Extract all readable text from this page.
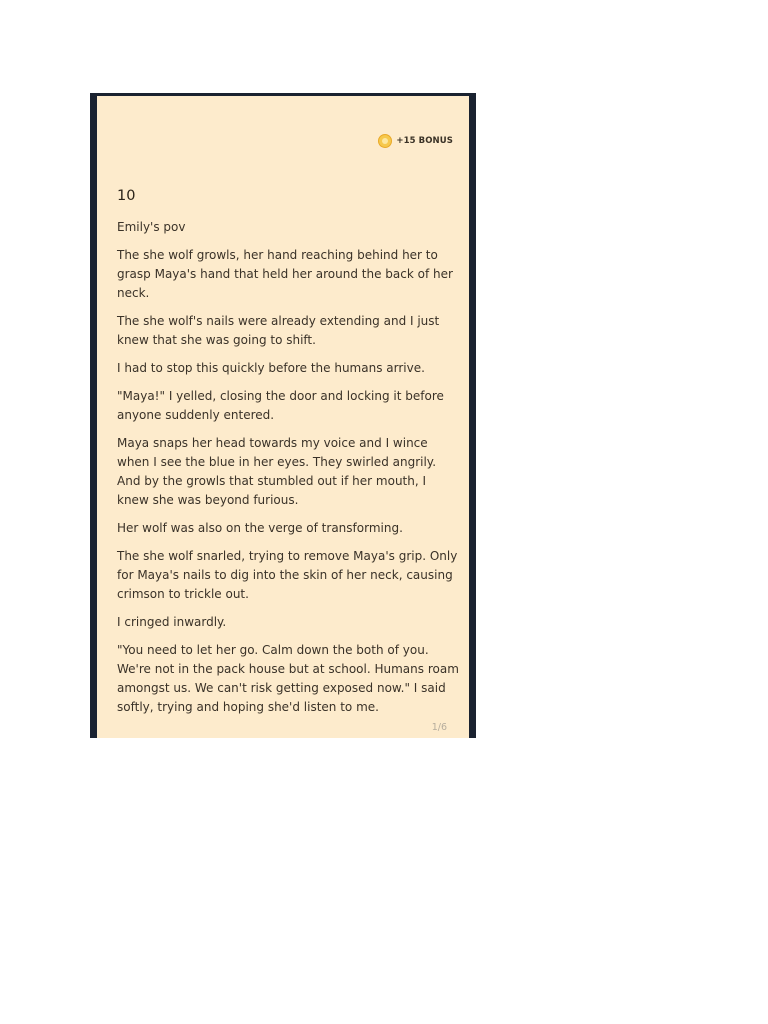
+15 BONUS
10

Emily's pov

The she wolf growls, her hand reaching behind her to grasp Maya's hand that held her around the back of her neck.

The she wolf's nails were already extending and I just knew that she was going to shift.

I had to stop this quickly before the humans arrive.

"Maya!" I yelled, closing the door and locking it before anyone suddenly entered.

Maya snaps her head towards my voice and I wince when I see the blue in her eyes. They swirled angrily. And by the growls that stumbled out if her mouth, I knew she was beyond furious.

Her wolf was also on the verge of transforming.

The she wolf snarled, trying to remove Maya's grip. Only for Maya's nails to dig into the skin of her neck, causing crimson to trickle out.

I cringed inwardly.

"You need to let her go. Calm down the both of you. We're not in the pack house but at school. Humans roam amongst us. We can't risk getting exposed now." I said softly, trying and hoping she'd listen to me.

1/6
